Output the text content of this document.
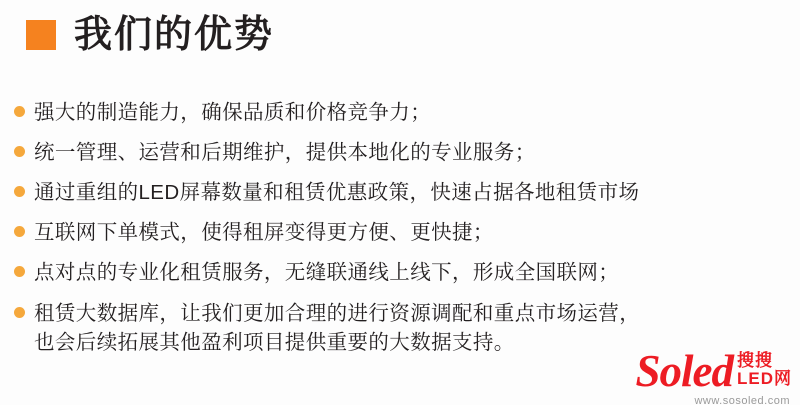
我们的优势
强大的制造能力，确保品质和价格竞争力；
统一管理、运营和后期维护，提供本地化的专业服务；
通过重组的LED屏幕数量和租赁优惠政策，快速占据各地租赁市场
互联网下单模式，使得租屏变得更方便、更快捷；
点对点的专业化租赁服务，无缝联通线上线下，形成全国联网；
租赁大数据库，让我们更加合理的进行资源调配和重点市场运营，
也会后续拓展其他盈利项目提供重要的大数据支持。
Soled 搜搜
LED网
www.sosoled.com
